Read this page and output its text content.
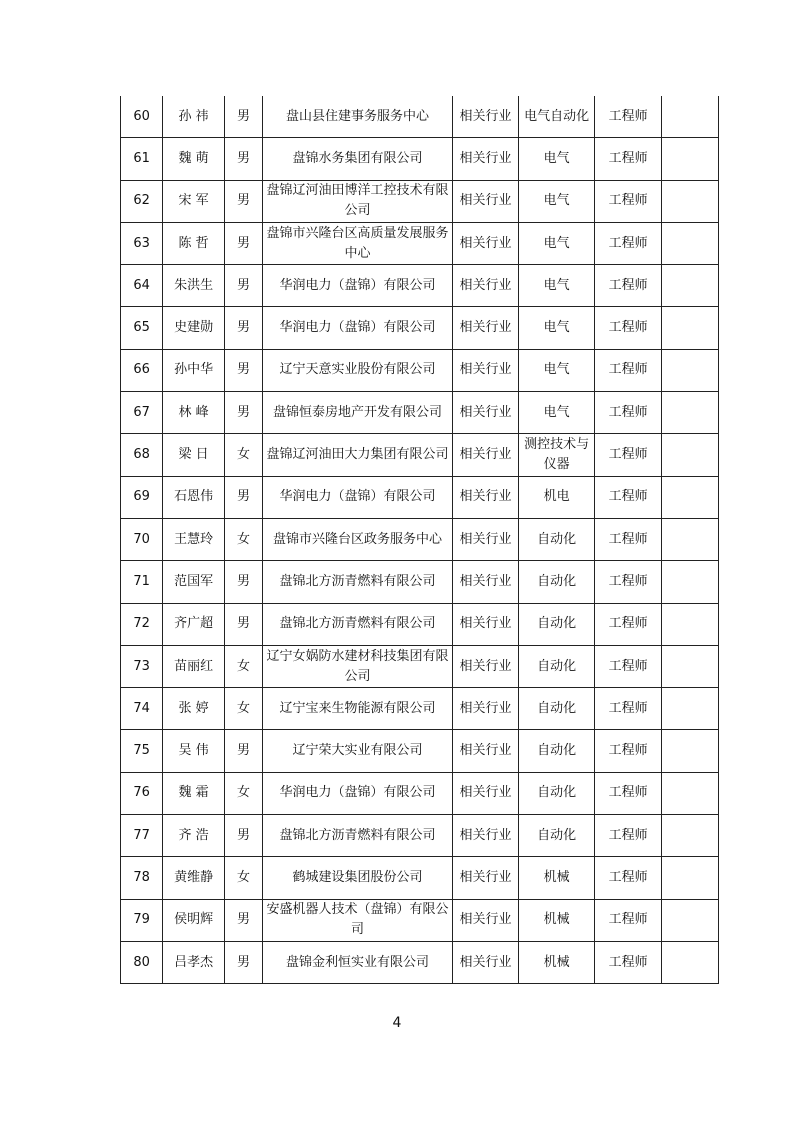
60	孙 祎	男	盘山县住建事务服务中心	相关行业	电气自动化	工程师	
61	魏 萌	男	盘锦水务集团有限公司	相关行业	电气	工程师	
62	宋 军	男	盘锦辽河油田博洋工控技术有限公司	相关行业	电气	工程师	
63	陈 哲	男	盘锦市兴隆台区高质量发展服务中心	相关行业	电气	工程师	
64	朱洪生	男	华润电力（盘锦）有限公司	相关行业	电气	工程师	
65	史建勋	男	华润电力（盘锦）有限公司	相关行业	电气	工程师	
66	孙中华	男	辽宁天意实业股份有限公司	相关行业	电气	工程师	
67	林 峰	男	盘锦恒泰房地产开发有限公司	相关行业	电气	工程师	
68	梁 日	女	盘锦辽河油田大力集团有限公司	相关行业	测控技术与仪器	工程师	
69	石恩伟	男	华润电力（盘锦）有限公司	相关行业	机电	工程师	
70	王慧玲	女	盘锦市兴隆台区政务服务中心	相关行业	自动化	工程师	
71	范国军	男	盘锦北方沥青燃料有限公司	相关行业	自动化	工程师	
72	齐广超	男	盘锦北方沥青燃料有限公司	相关行业	自动化	工程师	
73	苗丽红	女	辽宁女娲防水建材科技集团有限公司	相关行业	自动化	工程师	
74	张 婷	女	辽宁宝来生物能源有限公司	相关行业	自动化	工程师	
75	吴 伟	男	辽宁荣大实业有限公司	相关行业	自动化	工程师	
76	魏 霜	女	华润电力（盘锦）有限公司	相关行业	自动化	工程师	
77	齐 浩	男	盘锦北方沥青燃料有限公司	相关行业	自动化	工程师	
78	黄维静	女	鹤城建设集团股份公司	相关行业	机械	工程师	
79	侯明辉	男	安盛机器人技术（盘锦）有限公司	相关行业	机械	工程师	
80	吕孝杰	男	盘锦金利恒实业有限公司	相关行业	机械	工程师	
4
